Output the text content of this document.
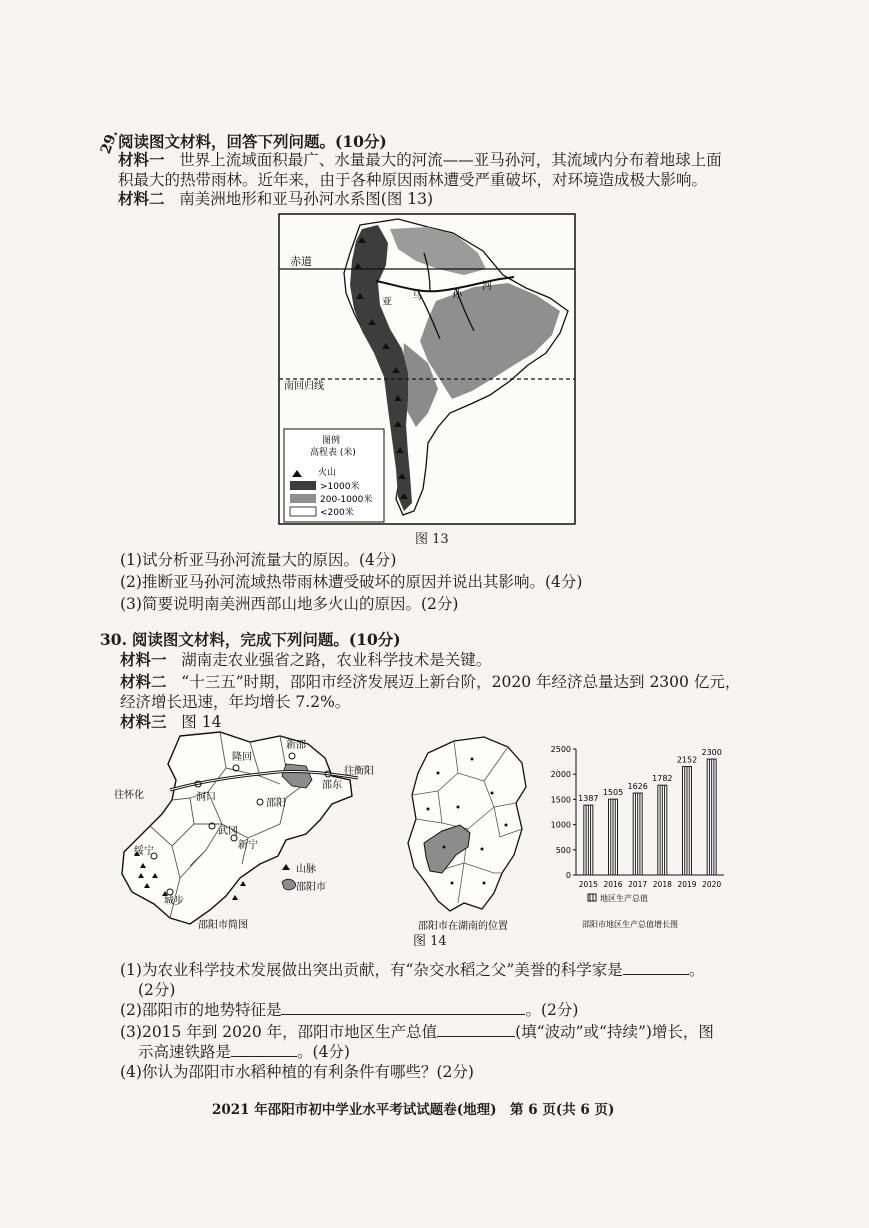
29.
阅读图文材料，回答下列问题。(10分)
材料一 世界上流域面积最广、水量最大的河流——亚马孙河，其流域内分布着地球上面
积最大的热带雨林。近年来，由于各种原因雨林遭受严重破坏，对环境造成极大影响。
材料二 南美洲地形和亚马孙河水系图(图 13)
赤道
南回归线
亚
马	孙
河
图例
高程表 (米)
火山
>1000米
200-1000米
<200米
图 13
(1)试分析亚马孙河流量大的原因。(4分)
(2)推断亚马孙河流域热带雨林遭受破坏的原因并说出其影响。(4分)
(3)简要说明南美洲西部山地多火山的原因。(2分)
30. 阅读图文材料，完成下列问题。(10分)
材料一 湖南走农业强省之路，农业科学技术是关键。
材料二 “十三五”时期，邵阳市经济发展迈上新台阶，2020 年经济总量达到 2300 亿元，
经济增长迅速，年均增长 7.2%。
材料三 图 14
新邵
隆回
洞口
邵东
邵阳
武冈
新宁
绥宁
城步
往怀化
往衡阳
山脉
邵阳市
邵阳市简图	邵阳市在湖南的位置
0
500
1000
1500
2000
2500
1387
2015
1505
2016
1626
2017
1782
2018
2152
2019
2300
2020
地区生产总值
邵阳市地区生产总值增长图
图 14
(1)为农业科学技术发展做出突出贡献，有“杂交水稻之父”美誉的科学家是	。
(2分)
(2)邵阳市的地势特征是	。(2分)
(3)2015 年到 2020 年，邵阳市地区生产总值	(填“波动”或“持续”)增长，图
示高速铁路是	。(4分)
(4)你认为邵阳市水稻种植的有利条件有哪些？(2分)
2021 年邵阳市初中学业水平考试试题卷(地理)　第 6 页(共 6 页)
